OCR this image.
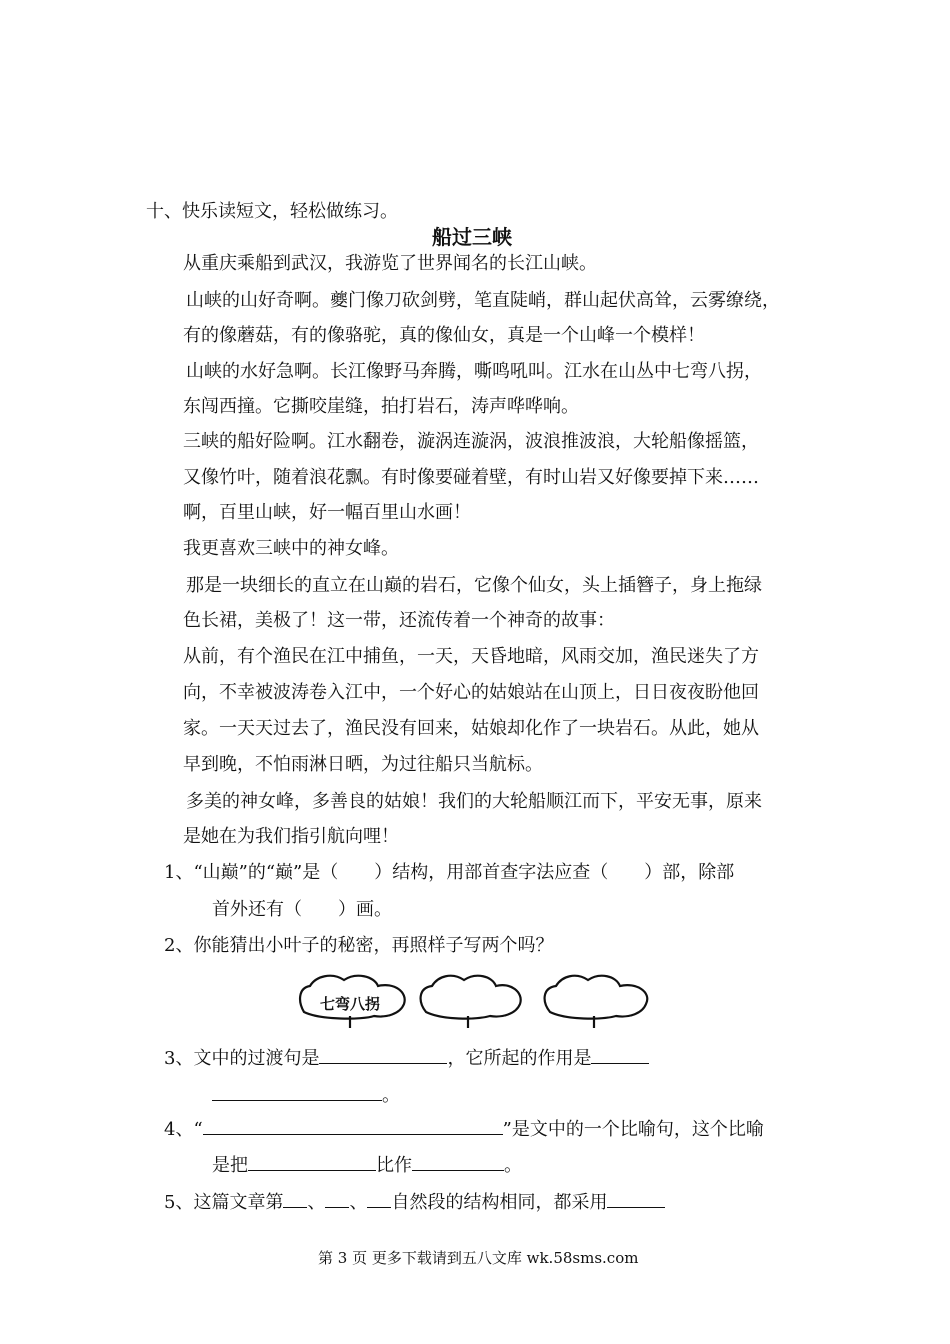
十、快乐读短文，轻松做练习。
船过三峡
从重庆乘船到武汉，我游览了世界闻名的长江山峡。
山峡的山好奇啊。夔门像刀砍剑劈，笔直陡峭，群山起伏高耸，云雾缭绕，
有的像蘑菇，有的像骆驼，真的像仙女，真是一个山峰一个模样！
山峡的水好急啊。长江像野马奔腾，嘶鸣吼叫。江水在山丛中七弯八拐，
东闯西撞。它撕咬崖缝，拍打岩石，涛声哗哗响。
三峡的船好险啊。江水翻卷，漩涡连漩涡，波浪推波浪，大轮船像摇篮，
又像竹叶，随着浪花飘。有时像要碰着壁，有时山岩又好像要掉下来……
啊，百里山峡，好一幅百里山水画！
我更喜欢三峡中的神女峰。
那是一块细长的直立在山巅的岩石，它像个仙女，头上插簪子，身上拖绿
色长裙，美极了！这一带，还流传着一个神奇的故事：
从前，有个渔民在江中捕鱼，一天，天昏地暗，风雨交加，渔民迷失了方
向，不幸被波涛卷入江中，一个好心的姑娘站在山顶上，日日夜夜盼他回
家。一天天过去了，渔民没有回来，姑娘却化作了一块岩石。从此，她从
早到晚，不怕雨淋日晒，为过往船只当航标。
多美的神女峰，多善良的姑娘！我们的大轮船顺江而下，平安无事，原来
是她在为我们指引航向哩！
1、“山巅”的“巅”是（　　）结构，用部首查字法应查（　　）部，除部
首外还有（　　）画。
2、你能猜出小叶子的秘密，再照样子写两个吗？
七弯八拐
3、文中的过渡句是	，它所起的作用是
。
4、“	”是文中的一个比喻句，这个比喻
是把	比作	。
5、这篇文章第 、 、 自然段的结构相同，都采用
第 3 页 更多下载请到五八文库 wk.58sms.com
